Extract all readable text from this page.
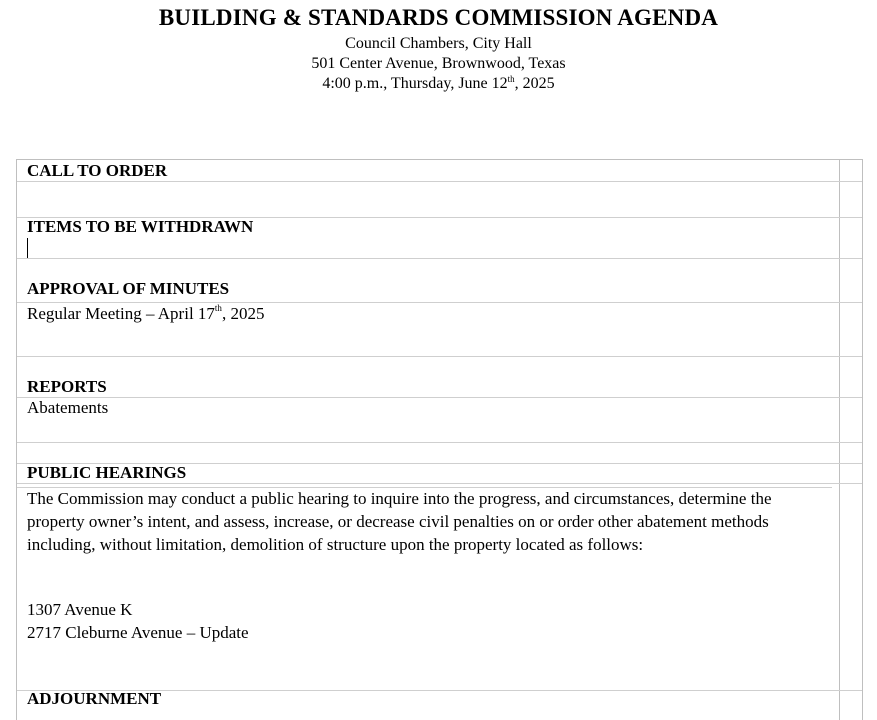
BUILDING & STANDARDS COMMISSION AGENDA
Council Chambers, City Hall
501 Center Avenue, Brownwood, Texas
4:00 p.m., Thursday, June 12th, 2025
CALL TO ORDER
ITEMS TO BE WITHDRAWN
APPROVAL OF MINUTES
Regular Meeting – April 17th, 2025
REPORTS
Abatements
PUBLIC HEARINGS
The Commission may conduct a public hearing to inquire into the progress, and circumstances, determine the property owner’s intent, and assess, increase, or decrease civil penalties on or order other abatement methods including, without limitation, demolition of structure upon the property located as follows:
1307 Avenue K
2717 Cleburne Avenue – Update
ADJOURNMENT
